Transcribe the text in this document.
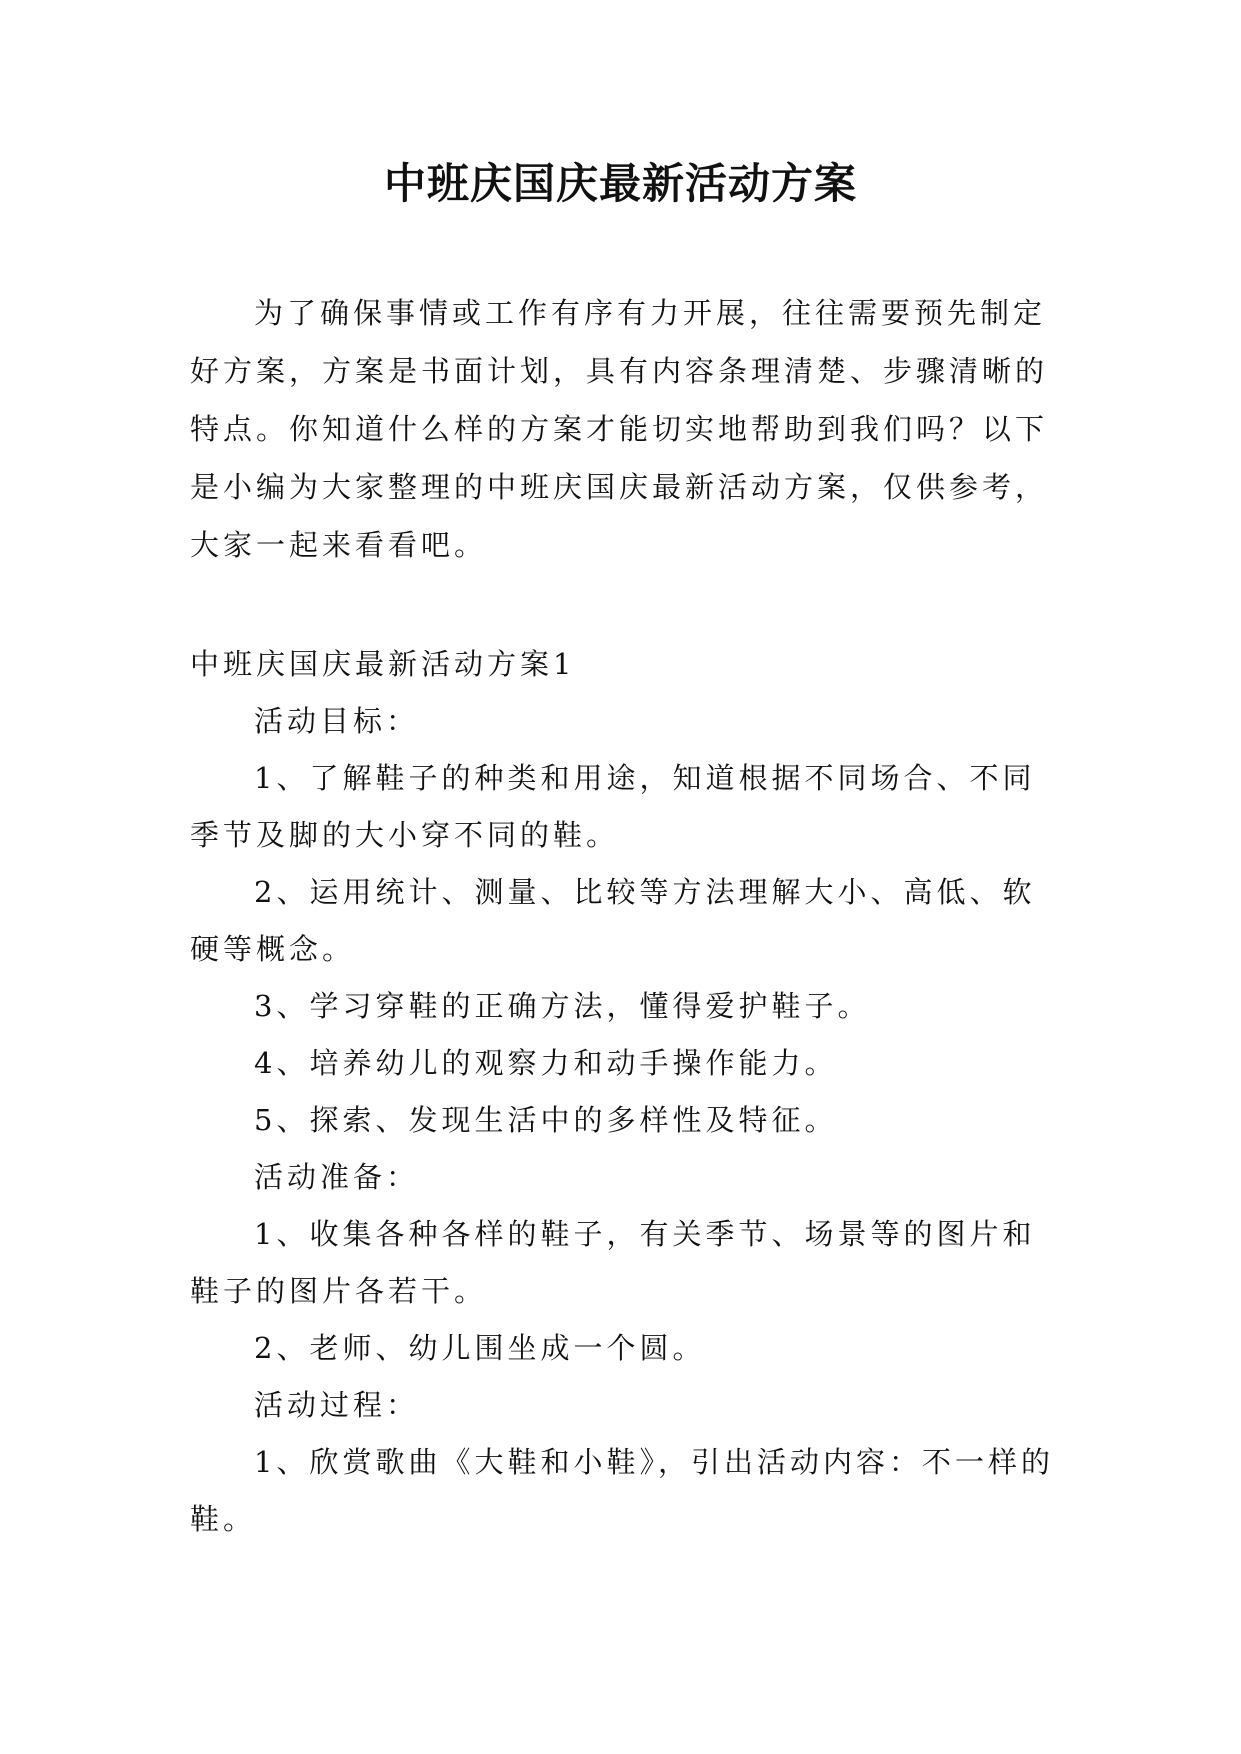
中班庆国庆最新活动方案
为了确保事情或工作有序有力开展，往往需要预先制定
好方案，方案是书面计划，具有内容条理清楚、步骤清晰的
特点。你知道什么样的方案才能切实地帮助到我们吗？以下
是小编为大家整理的中班庆国庆最新活动方案，仅供参考，
大家一起来看看吧。
中班庆国庆最新活动方案1
活动目标：
1、了解鞋子的种类和用途，知道根据不同场合、不同
季节及脚的大小穿不同的鞋。
2、运用统计、测量、比较等方法理解大小、高低、软
硬等概念。
3、学习穿鞋的正确方法，懂得爱护鞋子。
4、培养幼儿的观察力和动手操作能力。
5、探索、发现生活中的多样性及特征。
活动准备：
1、收集各种各样的鞋子，有关季节、场景等的图片和
鞋子的图片各若干。
2、老师、幼儿围坐成一个圆。
活动过程：
1、欣赏歌曲《大鞋和小鞋》，引出活动内容：不一样的
鞋。
